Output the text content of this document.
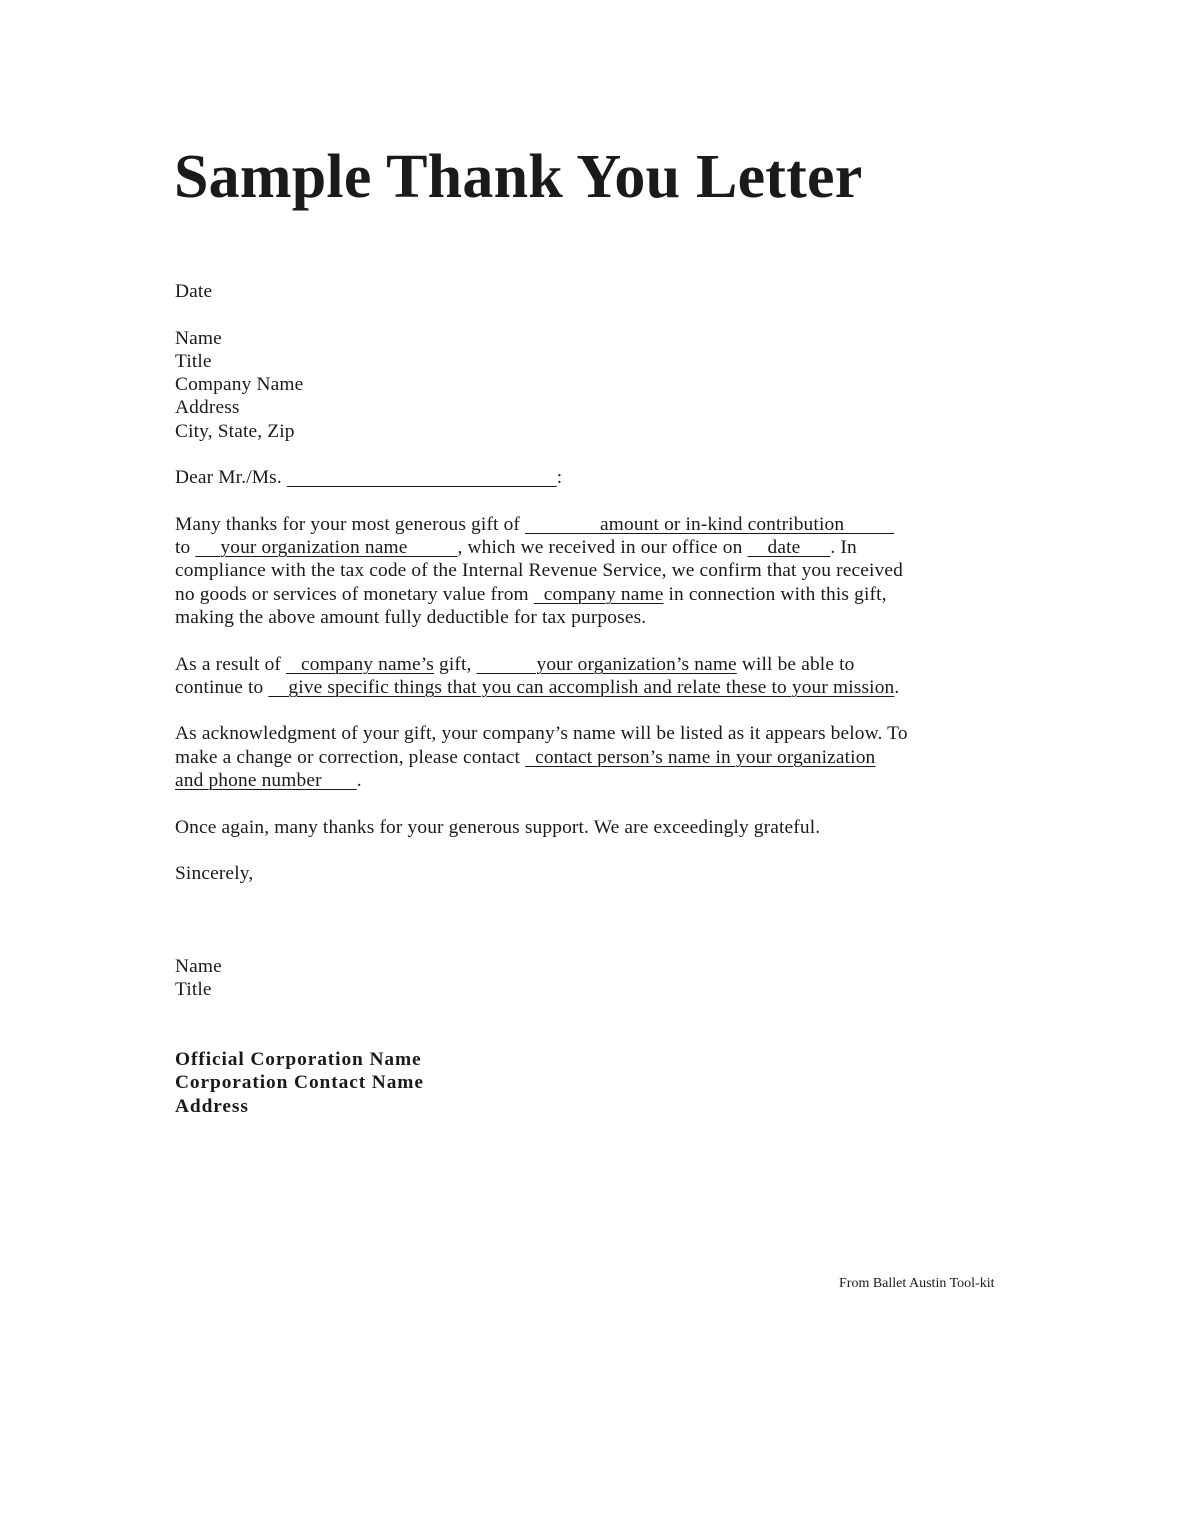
Sample Thank You Letter
Date
Name
Title
Company Name
Address
City, State, Zip
Dear Mr./Ms.	:
Many thanks for your most generous gift of                amount or in-kind contribution
to      your organization name          , which we received in our office on     date      . In
compliance with the tax code of the Internal Revenue Service, we confirm that you received
no goods or services of monetary value from   company name in connection with this gift,
making the above amount fully deductible for tax purposes.
As a result of    company name’s gift,             your organization’s name will be able to
continue to     give specific things that you can accomplish and relate these to your mission.
As acknowledgment of your gift, your company’s name will be listed as it appears below. To
make a change or correction, please contact   contact person’s name in your organization
and phone number       .
Once again, many thanks for your generous support. We are exceedingly grateful.
Sincerely,
Name
Title
Official Corporation Name
Corporation Contact Name
Address
From Ballet Austin Tool-kit
